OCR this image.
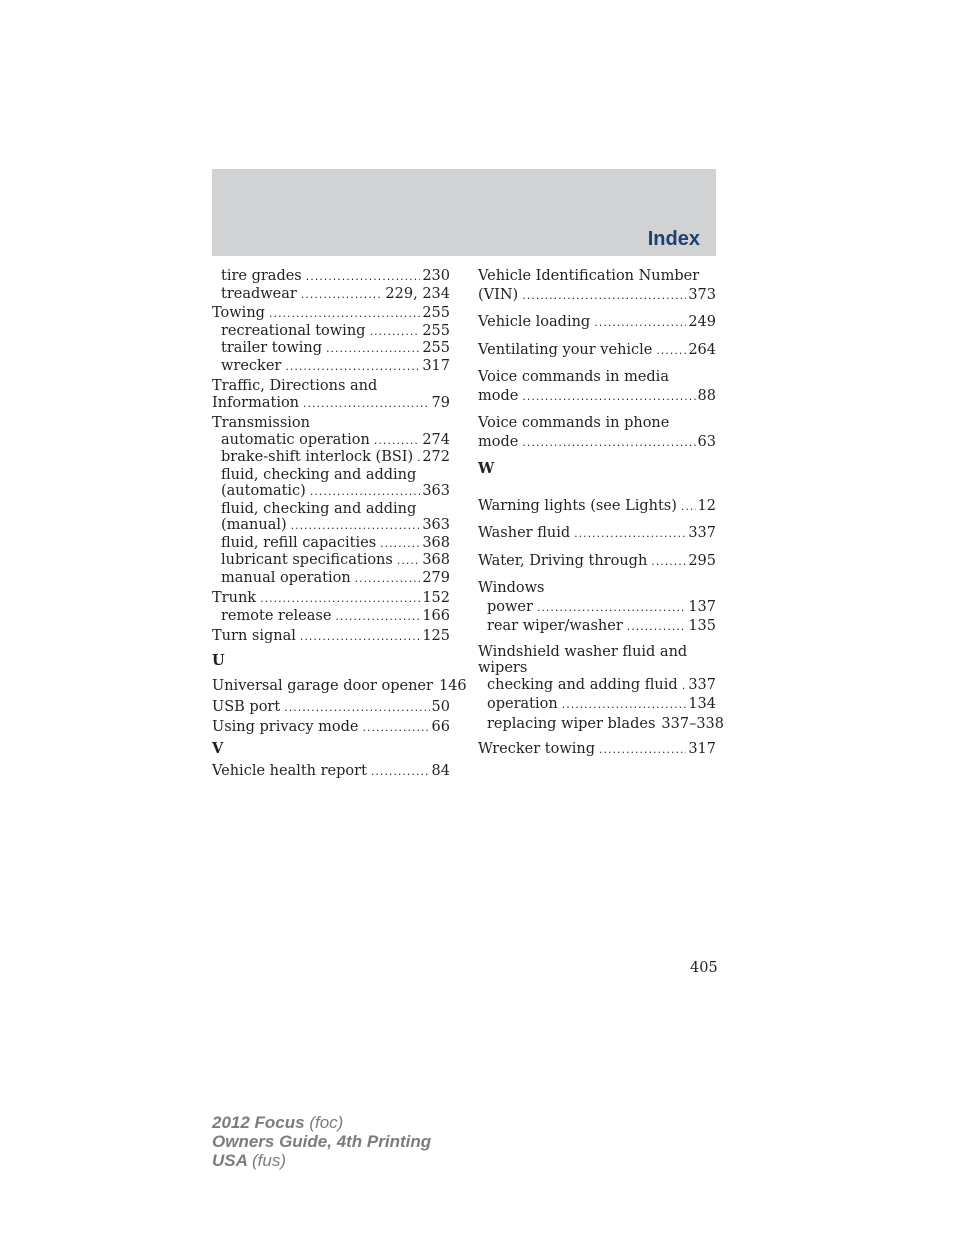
Index
tire grades .....	230
treadwear .....	229, 234
Towing .....	255
recreational towing .....	255
trailer towing .....	255
wrecker .....	317
Traffic, Directions and
Information .....	79
Transmission
automatic operation .....	274
brake-shift interlock (BSI) ..... 272
fluid, checking and adding
(automatic) .....	363
fluid, checking and adding
(manual) .....	363
fluid, refill capacities .....	368
lubricant specifications ..... 368
manual operation .....	279
Trunk .....	152
remote release .....	166
Turn signal .....	125
U
Universal garage door opener 146
USB port .....	50
Using privacy mode .....	66
V
Vehicle health report .....	84
Vehicle Identification Number
(VIN) .....	373
Vehicle loading .....	249
Ventilating your vehicle ..... 264
Voice commands in media
mode .....	88
Voice commands in phone
mode .....	63
W
Warning lights (see Lights) ..... 12
Washer fluid .....	337
Water, Driving through .....	295
Windows
power .....	137
rear wiper/washer .....	135
Windshield washer fluid and
wipers
checking and adding fluid ..... 337
operation .....	134
replacing wiper blades 337–338
Wrecker towing .....	317
405
2012 Focus (foc)
Owners Guide, 4th Printing
USA (fus)
